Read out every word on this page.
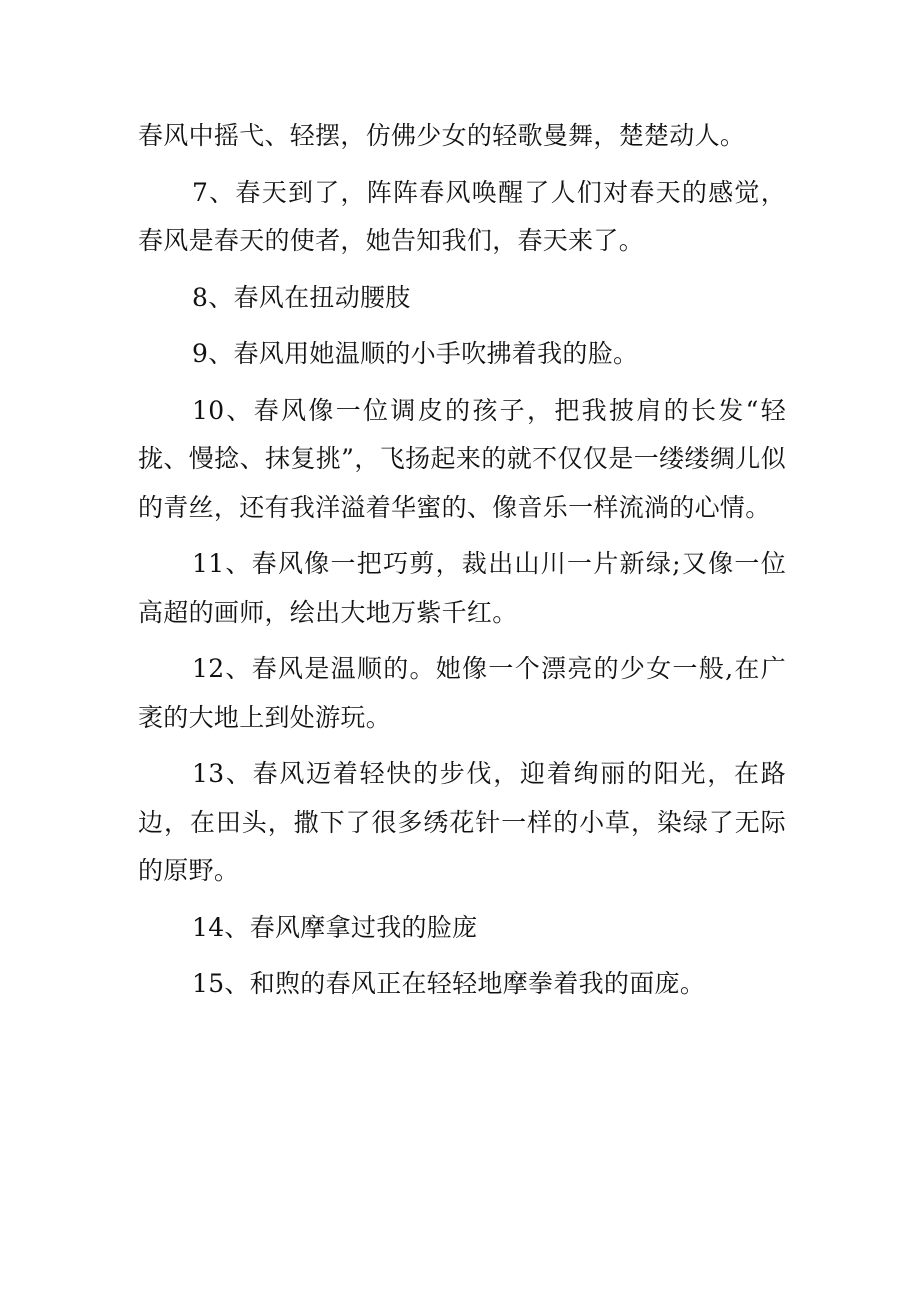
春风中摇弋、轻摆，仿佛少女的轻歌曼舞，楚楚动人。

7、春天到了，阵阵春风唤醒了人们对春天的感觉，春风是春天的使者，她告知我们，春天来了。

8、春风在扭动腰肢

9、春风用她温顺的小手吹拂着我的脸。

10、春风像一位调皮的孩子，把我披肩的长发“轻拢、慢捻、抹复挑”，飞扬起来的就不仅仅是一缕缕绸儿似的青丝，还有我洋溢着华蜜的、像音乐一样流淌的心情。

11、春风像一把巧剪，裁出山川一片新绿;又像一位高超的画师，绘出大地万紫千红。

12、春风是温顺的。她像一个漂亮的少女一般,在广袤的大地上到处游玩。

13、春风迈着轻快的步伐，迎着绚丽的阳光，在路边，在田头，撒下了很多绣花针一样的小草，染绿了无际的原野。

14、春风摩拿过我的脸庞

15、和煦的春风正在轻轻地摩拳着我的面庞。
